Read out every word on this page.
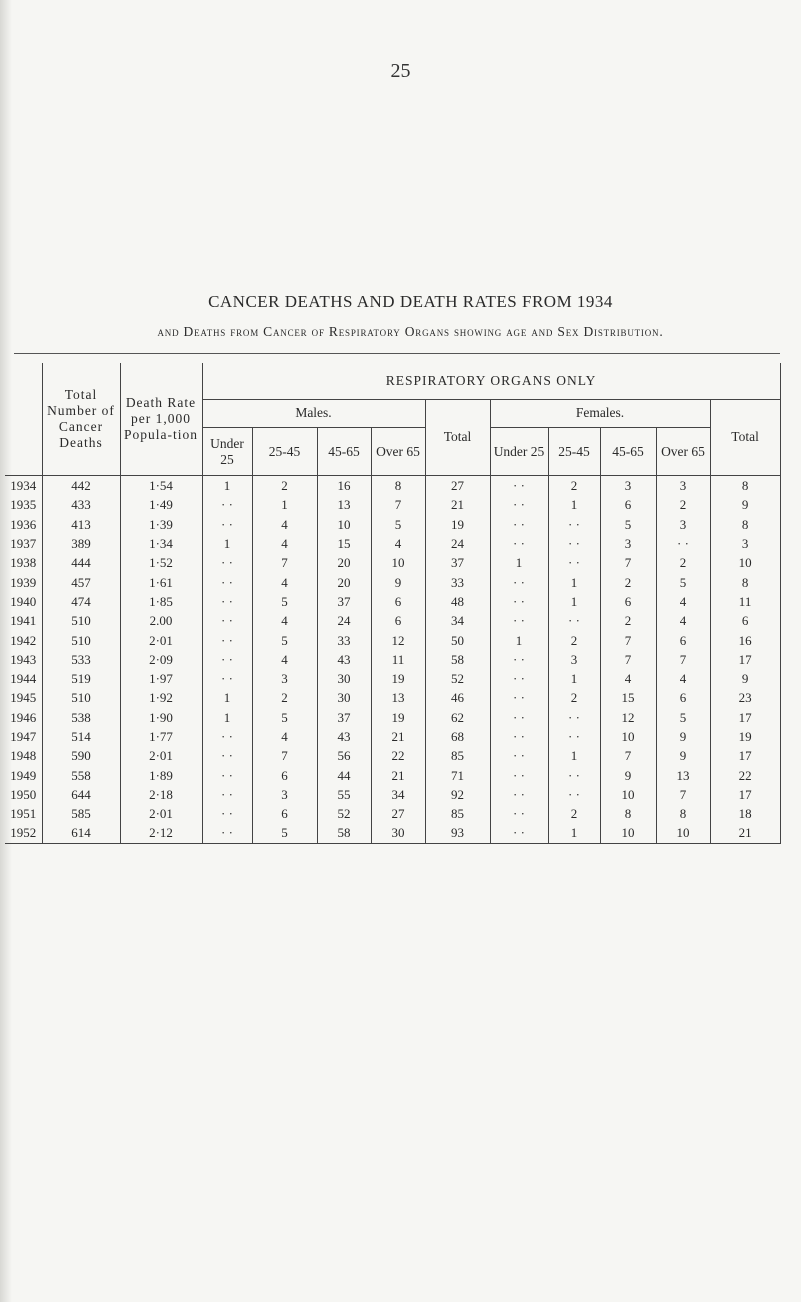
25
CANCER DEATHS AND DEATH RATES FROM 1934
and Deaths from Cancer of Respiratory Organs showing age and Sex Distribution.
	Total Number of Cancer Deaths	Death Rate per 1,000 Popula-tion	RESPIRATORY ORGANS ONLY									
			Males.				Total	Females.				Total
			Under 25	25-45	45-65	Over 65		Under 25	25-45	45-65	Over 65	
1934	442	1·54	1	2	16	8	27	· ·	2	3	3	8
1935	433	1·49	· ·	1	13	7	21	· ·	1	6	2	9
1936	413	1·39	· ·	4	10	5	19	· ·	· ·	5	3	8
1937	389	1·34	1	4	15	4	24	· ·	· ·	3	· ·	3
1938	444	1·52	· ·	7	20	10	37	1	· ·	7	2	10
1939	457	1·61	· ·	4	20	9	33	· ·	1	2	5	8
1940	474	1·85	· ·	5	37	6	48	· ·	1	6	4	11
1941	510	2.00	· ·	4	24	6	34	· ·	· ·	2	4	6
1942	510	2·01	· ·	5	33	12	50	1	2	7	6	16
1943	533	2·09	· ·	4	43	11	58	· ·	3	7	7	17
1944	519	1·97	· ·	3	30	19	52	· ·	1	4	4	9
1945	510	1·92	1	2	30	13	46	· ·	2	15	6	23
1946	538	1·90	1	5	37	19	62	· ·	· ·	12	5	17
1947	514	1·77	· ·	4	43	21	68	· ·	· ·	10	9	19
1948	590	2·01	· ·	7	56	22	85	· ·	1	7	9	17
1949	558	1·89	· ·	6	44	21	71	· ·	· ·	9	13	22
1950	644	2·18	· ·	3	55	34	92	· ·	· ·	10	7	17
1951	585	2·01	· ·	6	52	27	85	· ·	2	8	8	18
1952	614	2·12	· ·	5	58	30	93	· ·	1	10	10	21
